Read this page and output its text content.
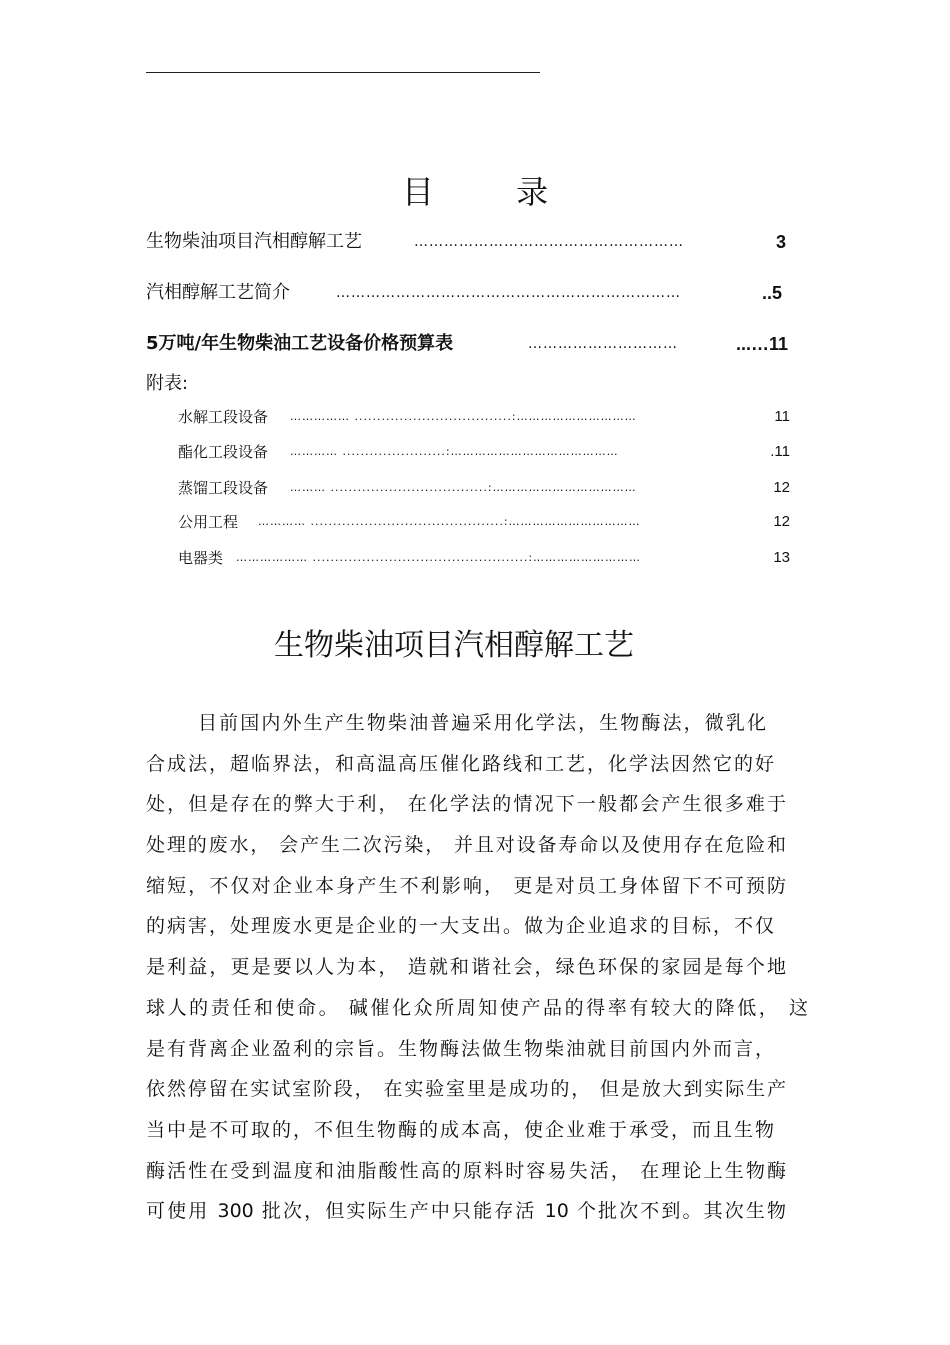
目 录
生物柴油项目汽相醇解工艺	………………………………………………	3
汽相醇解工艺简介	……………………………………………………………	..5
5万吨/年生物柴油工艺设备价格预算表	…………………………	...…11
附表:
水解工段设备 …………… ...................................:…………………………	11
酯化工段设备 ………… .......................:……………………………………	.11
蒸馏工段设备 ……… ...................................:………………………………	12
公用工程 ………… ...........................................:……………………………	12
电器类 ……………… ................................................:………………………	13
生物柴油项目汽相醇解工艺
目前国内外生产生物柴油普遍采用化学法，生物酶法，微乳化
合成法，超临界法，和高温高压催化路线和工艺，化学法因然它的好
处，但是存在的弊大于利， 在化学法的情况下一般都会产生很多难于
处理的废水， 会产生二次污染， 并且对设备寿命以及使用存在危险和
缩短，不仅对企业本身产生不利影响， 更是对员工身体留下不可预防
的病害，处理废水更是企业的一大支出。做为企业追求的目标，不仅
是利益，更是要以人为本， 造就和谐社会，绿色环保的家园是每个地
球人的责任和使命。 碱催化众所周知使产品的得率有较大的降低， 这
是有背离企业盈利的宗旨。生物酶法做生物柴油就目前国内外而言，
依然停留在实试室阶段， 在实验室里是成功的， 但是放大到实际生产
当中是不可取的，不但生物酶的成本高，使企业难于承受，而且生物
酶活性在受到温度和油脂酸性高的原料时容易失活， 在理论上生物酶
可使用 300 批次，但实际生产中只能存活 10 个批次不到。其次生物
